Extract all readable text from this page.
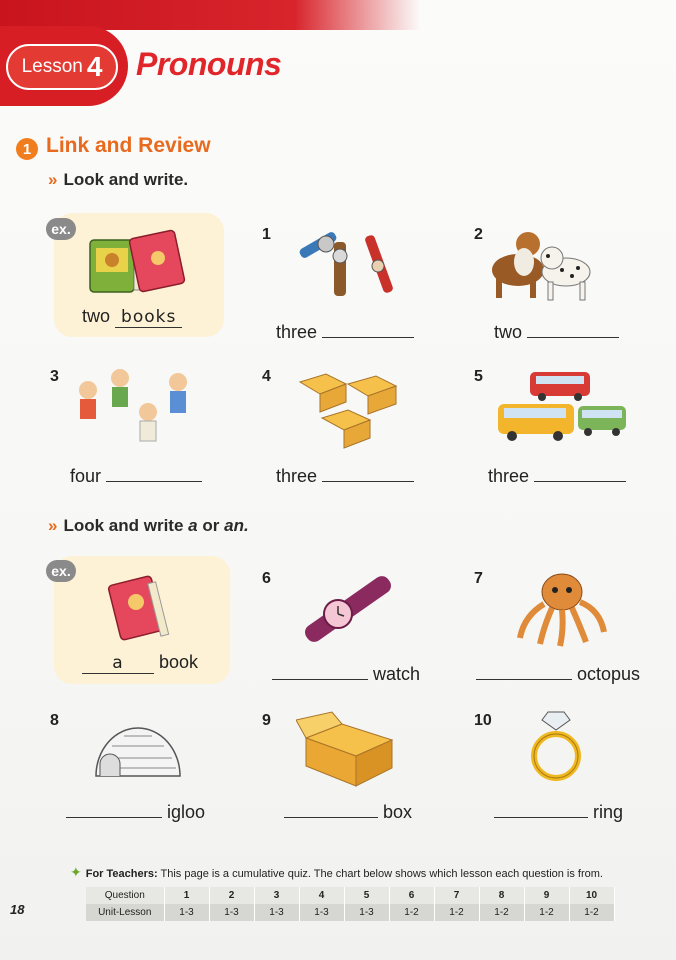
Lesson 4 Pronouns
1 Link and Review
» Look and write.
ex.
two books
1
three
2
two
3
four
4
three
5
three
» Look and write a or an.
ex.
a book
6
watch
7
octopus
8
igloo
9
box
10
ring
✦ For Teachers: This page is a cumulative quiz. The chart below shows which lesson each question is from.
18
Question	1	2	3	4	5	6	7	8	9	10
Unit-Lesson	1-3	1-3	1-3	1-3	1-3	1-2	1-2	1-2	1-2	1-2
